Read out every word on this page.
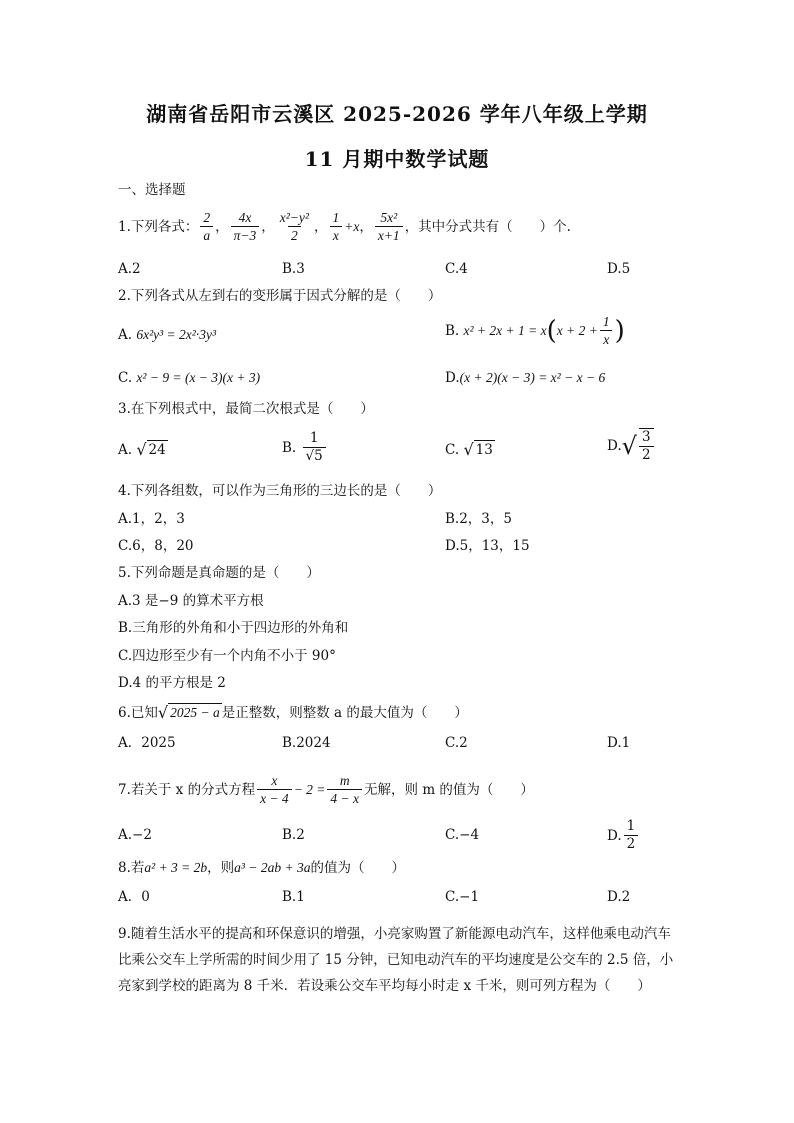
湖南省岳阳市云溪区 2025-2026 学年八年级上学期
11 月期中数学试题
一、选择题
1.下列各式： $\frac{2}{a}$ ， $\frac{4x}{\pi-3}$ ， $\frac{\text{x²−y²}}{2}$ ， $\frac{1}{x} +x$ ， $\frac{\text{5x²}}{x+1}$ ，其中分式共有（　　）个.
A.2	B.3	C.4	D.5
2.下列各式从左到右的变形属于因式分解的是（　　）
A. 6x²y³ = 2x²·3y³	B.
x² + 2x + 1 = x ( $x + 2 + \frac{1}{x}$ )
C. x² − 9 = (x − 3)(x + 3)	D.(x + 2)(x − 3) = x² − x − 6
3.在下列根式中，最简二次根式是（　　）
A.
√ 24	B.
$\frac{1}{√5}$	C.
√ 13	D. √ $\frac{3}{2}$
4.下列各组数，可以作为三角形的三边长的是（　　）
A.1，2，3	B.2，3，5
C.6，8，20	D.5，13，15
5.下列命题是真命题的是（　　）
A.3 是−9 的算术平方根
B.三角形的外角和小于四边形的外角和
C.四边形至少有一个内角不小于 90°
D.4 的平方根是 2
6.已知 √ 2025 − a 是正整数，则整数 a 的最大值为（　　）
A．2025	B.2024	C.2	D.1
7.若关于 x 的分式方程 $\frac{x}{x - 4} - 2 = \frac{m}{4 - x}$ 无解，则 m 的值为（　　）
A.−2	B.2	C.−4	D. $\frac{1}{2}$
8.若a² + 3 = 2b，则a³ − 2ab + 3a的值为（　　）
A．0	B.1	C.−1	D.2
9.随着生活水平的提高和环保意识的增强，小亮家购置了新能源电动汽车，这样他乘电动汽车比乘公交车上学所需的时间少用了 15 分钟，已知电动汽车的平均速度是公交车的 2.5 倍，小亮家到学校的距离为 8 千米．若设乘公交车平均每小时走 x 千米，则可列方程为（　　）
